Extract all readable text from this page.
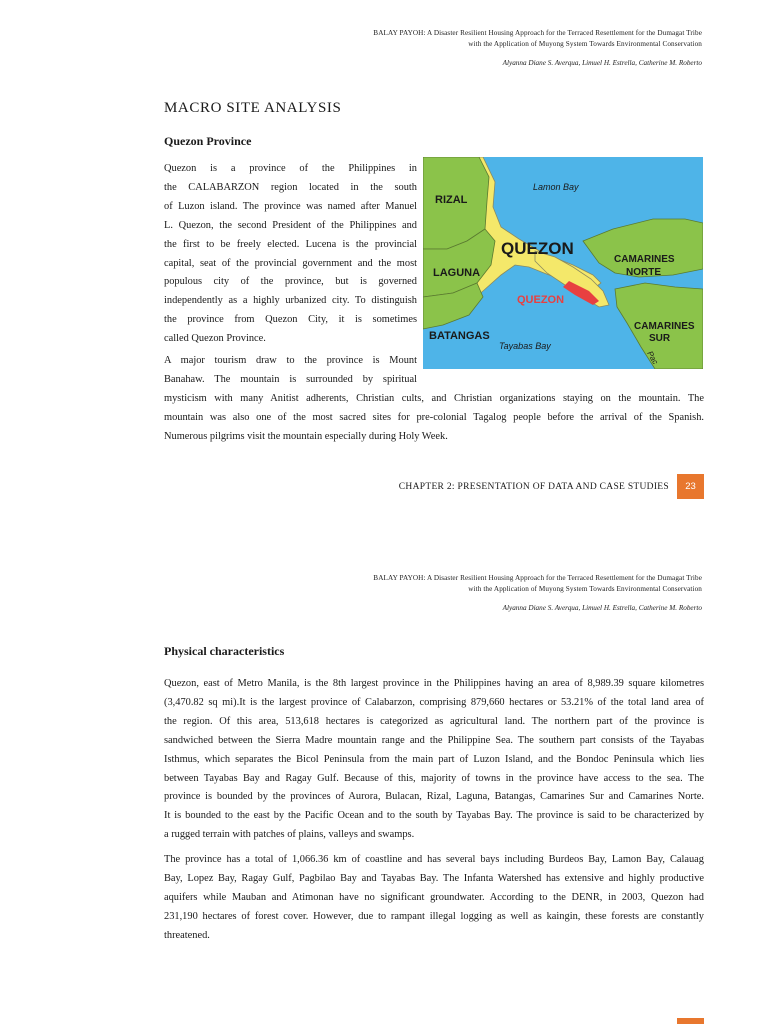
BALAY PAYOH: A Disaster Resilient Housing Approach for the Terraced Resettlement for the Dumagat Tribe
with the Application of Muyong System Towards Environmental Conservation
Alyanna Diane S. Averqua, Limuel H. Estrella, Catherine M. Roberto
MACRO SITE ANALYSIS
Quezon Province
Quezon is a province of the Philippines in
the CALABARZON region located in the south
of Luzon island. The province was named after Manuel
L. Quezon, the second President of the Philippines and
the first to be freely elected. Lucena is the provincial
capital, seat of the provincial government and the most
populous city of the province, but is governed
independently as a highly urbanized city. To distinguish
the province from Quezon City, it is sometimes
called Quezon Province.
A major tourism draw to the province is Mount
Banahaw. The mountain is surrounded by spiritual
mysticism with many Anitist adherents, Christian cults, and Christian organizations staying on the mountain. The
mountain was also one of the most sacred sites for pre-colonial Tagalog people before the arrival of the Spanish.
Numerous pilgrims visit the mountain especially during Holy Week.
RIZAL
Lamon Bay
QUEZON
LAGUNA
CAMARINES
NORTE
QUEZON
BATANGAS
Tayabas Bay
CAMARINES
SUR
Pac
CHAPTER 2: PRESENTATION OF DATA AND CASE STUDIES	23
BALAY PAYOH: A Disaster Resilient Housing Approach for the Terraced Resettlement for the Dumagat Tribe
with the Application of Muyong System Towards Environmental Conservation
Alyanna Diane S. Averqua, Limuel H. Estrella, Catherine M. Roberto
Physical characteristics
Quezon, east of Metro Manila, is the 8th largest province in the Philippines having an area of 8,989.39 square kilometres
(3,470.82 sq mi).It is the largest province of Calabarzon, comprising 879,660 hectares or 53.21% of the total land area of
the region. Of this area, 513,618 hectares is categorized as agricultural land. The northern part of the province is
sandwiched between the Sierra Madre mountain range and the Philippine Sea. The southern part consists of the Tayabas
Isthmus, which separates the Bicol Peninsula from the main part of Luzon Island, and the Bondoc Peninsula which lies
between Tayabas Bay and Ragay Gulf. Because of this, majority of towns in the province have access to the sea. The
province is bounded by the provinces of Aurora, Bulacan, Rizal, Laguna, Batangas, Camarines Sur and Camarines Norte.
It is bounded to the east by the Pacific Ocean and to the south by Tayabas Bay. The province is said to be characterized by
a rugged terrain with patches of plains, valleys and swamps.
The province has a total of 1,066.36 km of coastline and has several bays including Burdeos Bay, Lamon Bay, Calauag
Bay, Lopez Bay, Ragay Gulf, Pagbilao Bay and Tayabas Bay. The Infanta Watershed has extensive and highly productive
aquifers while Mauban and Atimonan have no significant groundwater. According to the DENR, in 2003, Quezon had
231,190 hectares of forest cover. However, due to rampant illegal logging as well as kaingin, these forests are constantly
threatened.
